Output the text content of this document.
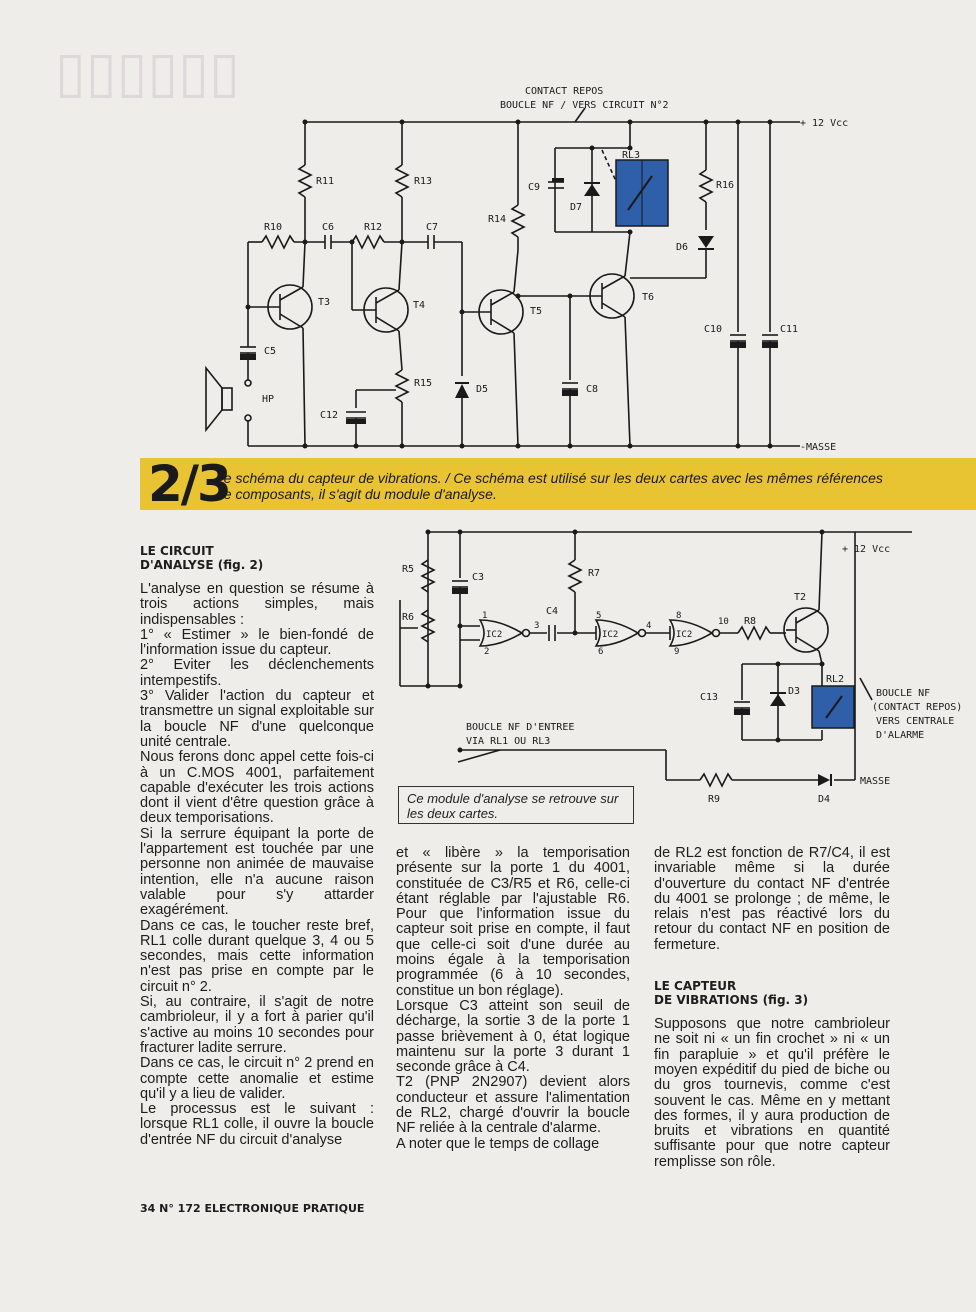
▯▯▯▯▯▯	CONTACT REPOS
BOUCLE NF / VERS CIRCUIT N°2
+ 12 Vcc
-MASSE
R11	R13
R10	C6	R12	C7
R14
C9
D7
RL3
R16
D6
T3	T4
T5
T6
C5
HP
R15
C12
D5	C8
C10	C11
2/3
Le schéma du capteur de vibrations. / Ce schéma est utilisé sur les deux cartes avec les mêmes références de composants, il s'agit du module d'analyse.
+ 12 Vcc
R5
R6
C3	R7
C4
T2
IC2	IC2	IC2
1
2
3
5
6
4
8
9
10 R8
RL2
C13
D3
R9	D4
MASSE
BOUCLE NF D'ENTREE
VIA RL1 OU RL3
BOUCLE NF
(CONTACT REPOS)
VERS CENTRALE
D'ALARME
Ce module d'analyse se retrouve sur les deux cartes.
LE CIRCUIT
D'ANALYSE (fig. 2)

L'analyse en question se résume à trois actions simples, mais indispensables :

1° « Estimer » le bien-fondé de l'information issue du capteur.

2° Eviter les déclenchements intempestifs.

3° Valider l'action du capteur et transmettre un signal exploitable sur la boucle NF d'une quelconque unité centrale.

Nous ferons donc appel cette fois-ci à un C.MOS 4001, parfaitement capable d'exécuter les trois actions dont il vient d'être question grâce à deux temporisations.

Si la serrure équipant la porte de l'appartement est touchée par une personne non animée de mauvaise intention, elle n'a aucune raison valable pour s'y attarder exagérément.

Dans ce cas, le toucher reste bref, RL1 colle durant quelque 3, 4 ou 5 secondes, mais cette information n'est pas prise en compte par le circuit n° 2.

Si, au contraire, il s'agit de notre cambrioleur, il y a fort à parier qu'il s'active au moins 10 secondes pour fracturer ladite serrure.

Dans ce cas, le circuit n° 2 prend en compte cette anomalie et estime qu'il y a lieu de valider.

Le processus est le suivant : lorsque RL1 colle, il ouvre la boucle d'entrée NF du circuit d'analyse

et « libère » la temporisation présente sur la porte 1 du 4001, constituée de C3/R5 et R6, celle-ci étant réglable par l'ajustable R6. Pour que l'information issue du capteur soit prise en compte, il faut que celle-ci soit d'une durée au moins égale à la temporisation programmée (6 à 10 secondes, constitue un bon réglage).

Lorsque C3 atteint son seuil de décharge, la sortie 3 de la porte 1 passe brièvement à 0, état logique maintenu sur la porte 3 durant 1 seconde grâce à C4.

T2 (PNP 2N2907) devient alors conducteur et assure l'alimentation de RL2, chargé d'ouvrir la boucle NF reliée à la centrale d'alarme.

A noter que le temps de collage

de RL2 est fonction de R7/C4, il est invariable même si la durée d'ouverture du contact NF d'entrée du 4001 se prolonge ; de même, le relais n'est pas réactivé lors du retour du contact NF en position de fermeture.

LE CAPTEUR
DE VIBRATIONS (fig. 3)

Supposons que notre cambrioleur ne soit ni « un fin crochet » ni « un fin parapluie » et qu'il préfère le moyen expéditif du pied de biche ou du gros tournevis, comme c'est souvent le cas. Même en y mettant des formes, il y aura production de bruits et vibrations en quantité suffisante pour que notre capteur remplisse son rôle.

34 N° 172 ELECTRONIQUE PRATIQUE
